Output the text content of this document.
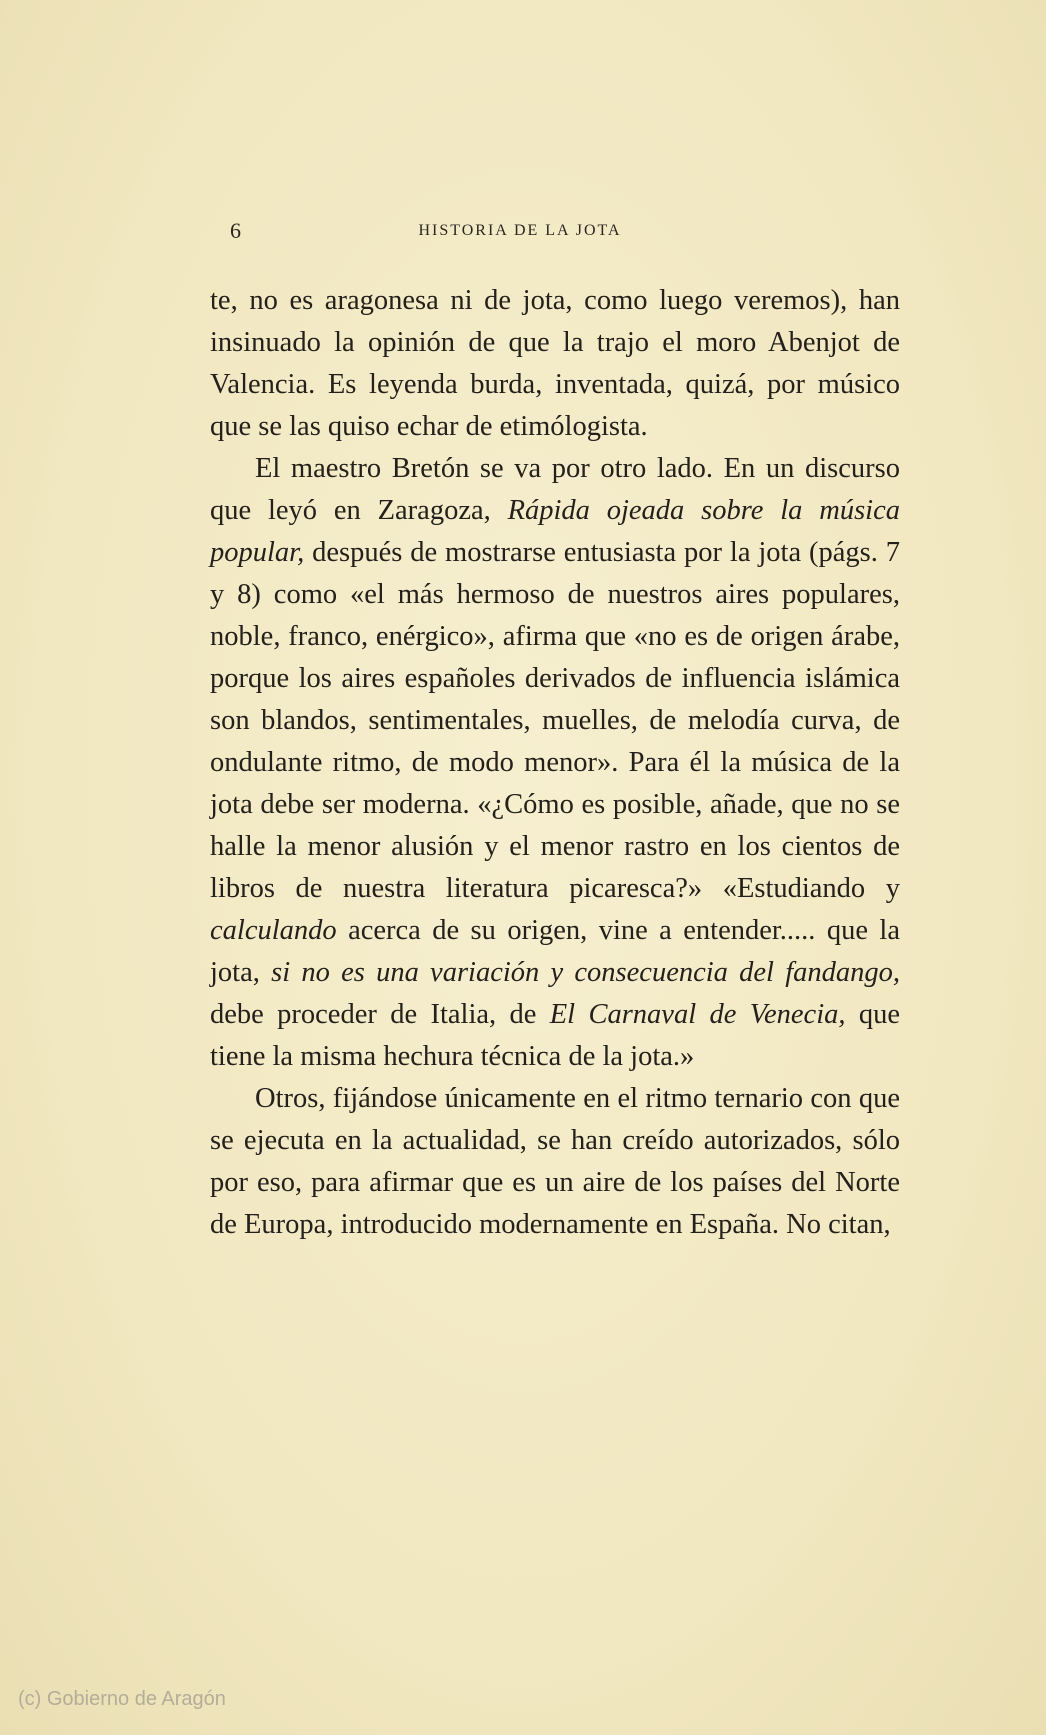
6	HISTORIA DE LA JOTA

te, no es aragonesa ni de jota, como luego veremos), han insinuado la opinión de que la trajo el moro Abenjot de Valencia. Es leyenda burda, inventada, quizá, por músico que se las quiso echar de etimólogista.

El maestro Bretón se va por otro lado. En un discurso que leyó en Zaragoza, Rápida ojeada sobre la música popular, después de mostrarse entusiasta por la jota (págs. 7 y 8) como «el más hermoso de nuestros aires populares, noble, franco, enérgico», afirma que «no es de origen árabe, porque los aires españoles derivados de influencia islámica son blandos, sentimentales, muelles, de melodía curva, de ondulante ritmo, de modo menor». Para él la música de la jota debe ser moderna. «¿Cómo es posible, añade, que no se halle la menor alusión y el menor rastro en los cientos de libros de nuestra literatura picaresca?» «Estudiando y calculando acerca de su origen, vine a entender..... que la jota, si no es una variación y consecuencia del fandango, debe proceder de Italia, de El Carnaval de Venecia, que tiene la misma hechura técnica de la jota.»

Otros, fijándose únicamente en el ritmo ternario con que se ejecuta en la actualidad, se han creído autorizados, sólo por eso, para afirmar que es un aire de los países del Norte de Europa, introducido modernamente en España. No citan,

(c) Gobierno de Aragón
